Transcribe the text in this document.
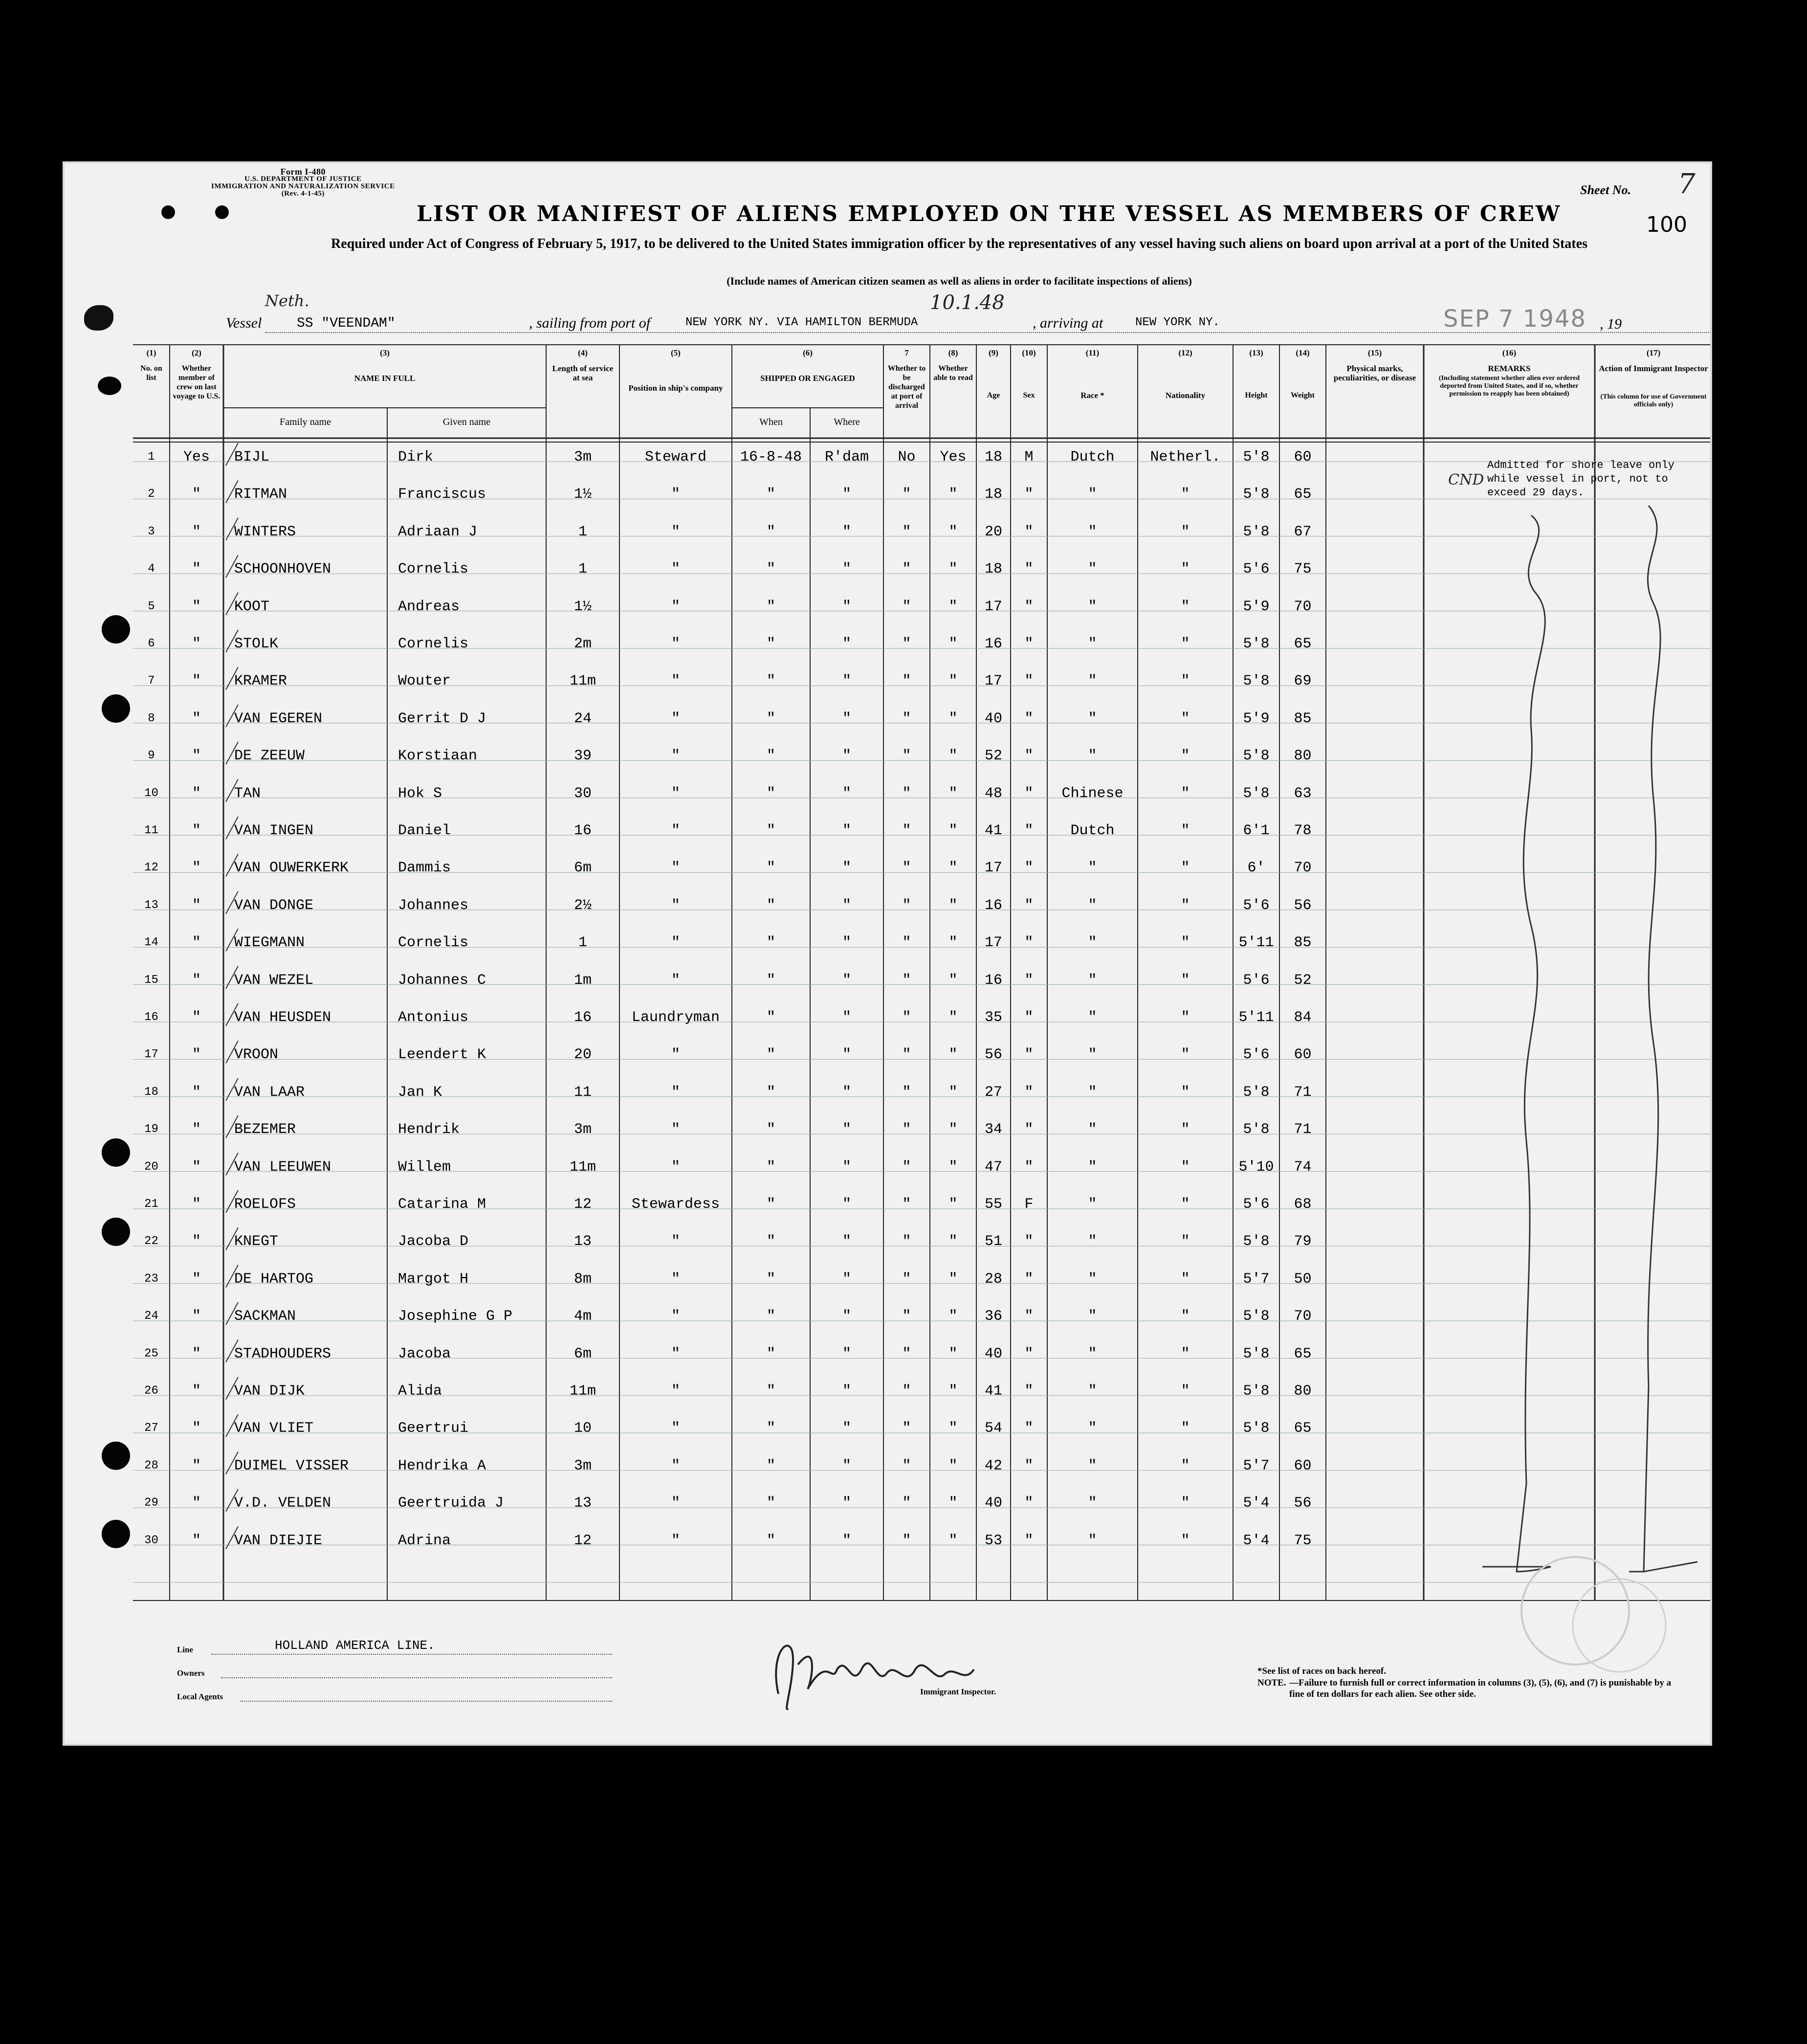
Form I-480
U.S. DEPARTMENT OF JUSTICE
IMMIGRATION AND NATURALIZATION SERVICE
(Rev. 4-1-45)
LIST OR MANIFEST OF ALIENS EMPLOYED ON THE VESSEL AS MEMBERS OF CREW
Required under Act of Congress of February 5, 1917, to be delivered to the United States immigration officer by the representatives of any vessel having such aliens on board upon arrival at a port of the United States
(Include names of American citizen seamen as well as aliens in order to facilitate inspections of aliens)
Sheet No. 7
100
Neth.
Vessel	SS "VEENDAM"	, sailing from port of	NEW YORK NY. VIA HAMILTON BERMUDA
10.1.48
, arriving at	NEW YORK NY.	SEP 7 1948 , 19
(1)
No. on list
(2)
Whether member of crew on last voyage to U.S.
(3)
NAME IN FULL
(4)
Length of service at sea
(5)
Position in ship's company
(6)
SHIPPED OR ENGAGED
7
Whether to be discharged at port of arrival
(8)
Whether able to read
(9)
Age
(10)
Sex
(11)
Race *
(12)
Nationality
(13)
Height
(14)
Weight
(15)
Physical marks, peculiarities, or disease
(16)
REMARKS
(17)
Action of Immigrant Inspector
Family name	Given name	When	Where
(Including statement whether alien ever ordered deported from United States, and if so, whether permission to reapply has been obtained)	(This column for use of Government officials only)
1	Yes	BIJL	Dirk	3m	Steward	16-8-48	R'dam	No	Yes	18	M	Dutch	Netherl.	5'8	60
2	"	RITMAN	Franciscus	1½	"	"	"	"	"	18	"	"	"	5'8	65
3	"	WINTERS	Adriaan J	1	"	"	"	"	"	20	"	"	"	5'8	67
4	"	SCHOONHOVEN	Cornelis	1	"	"	"	"	"	18	"	"	"	5'6	75
5	"	KOOT	Andreas	1½	"	"	"	"	"	17	"	"	"	5'9	70
6	"	STOLK	Cornelis	2m	"	"	"	"	"	16	"	"	"	5'8	65
7	"	KRAMER	Wouter	11m	"	"	"	"	"	17	"	"	"	5'8	69
8	"	VAN EGEREN	Gerrit D J	24	"	"	"	"	"	40	"	"	"	5'9	85
9	"	DE ZEEUW	Korstiaan	39	"	"	"	"	"	52	"	"	"	5'8	80
10	"	TAN	Hok S	30	"	"	"	"	"	48	"	Chinese	"	5'8	63
11	"	VAN INGEN	Daniel	16	"	"	"	"	"	41	"	Dutch	"	6'1	78
12	"	VAN OUWERKERK	Dammis	6m	"	"	"	"	"	17	"	"	"	6'	70
13	"	VAN DONGE	Johannes	2½	"	"	"	"	"	16	"	"	"	5'6	56
14	"	WIEGMANN	Cornelis	1	"	"	"	"	"	17	"	"	"	5'11	85
15	"	VAN WEZEL	Johannes C	1m	"	"	"	"	"	16	"	"	"	5'6	52
16	"	VAN HEUSDEN	Antonius	16	Laundryman	"	"	"	"	35	"	"	"	5'11	84
17	"	VROON	Leendert K	20	"	"	"	"	"	56	"	"	"	5'6	60
18	"	VAN LAAR	Jan K	11	"	"	"	"	"	27	"	"	"	5'8	71
19	"	BEZEMER	Hendrik	3m	"	"	"	"	"	34	"	"	"	5'8	71
20	"	VAN LEEUWEN	Willem	11m	"	"	"	"	"	47	"	"	"	5'10	74
21	"	ROELOFS	Catarina M	12	Stewardess	"	"	"	"	55	F	"	"	5'6	68
22	"	KNEGT	Jacoba D	13	"	"	"	"	"	51	"	"	"	5'8	79
23	"	DE HARTOG	Margot H	8m	"	"	"	"	"	28	"	"	"	5'7	50
24	"	SACKMAN	Josephine G P	4m	"	"	"	"	"	36	"	"	"	5'8	70
25	"	STADHOUDERS	Jacoba	6m	"	"	"	"	"	40	"	"	"	5'8	65
26	"	VAN DIJK	Alida	11m	"	"	"	"	"	41	"	"	"	5'8	80
27	"	VAN VLIET	Geertrui	10	"	"	"	"	"	54	"	"	"	5'8	65
28	"	DUIMEL VISSER	Hendrika A	3m	"	"	"	"	"	42	"	"	"	5'7	60
29	"	V.D. VELDEN	Geertruida J	13	"	"	"	"	"	40	"	"	"	5'4	56
30	"	VAN DIEJIE	Adrina	12	"	"	"	"	"	53	"	"	"	5'4	75
Admitted for shore leave only
while vessel in port, not to
exceed 29 days.
CND
Line	HOLLAND AMERICA LINE.
Owners
Local Agents
Immigrant Inspector.
*See list of races on back hereof.
NOTE. —Failure to furnish full or correct information in columns (3), (5), (6), and (7) is punishable by a fine of ten dollars for each alien. See other side.
